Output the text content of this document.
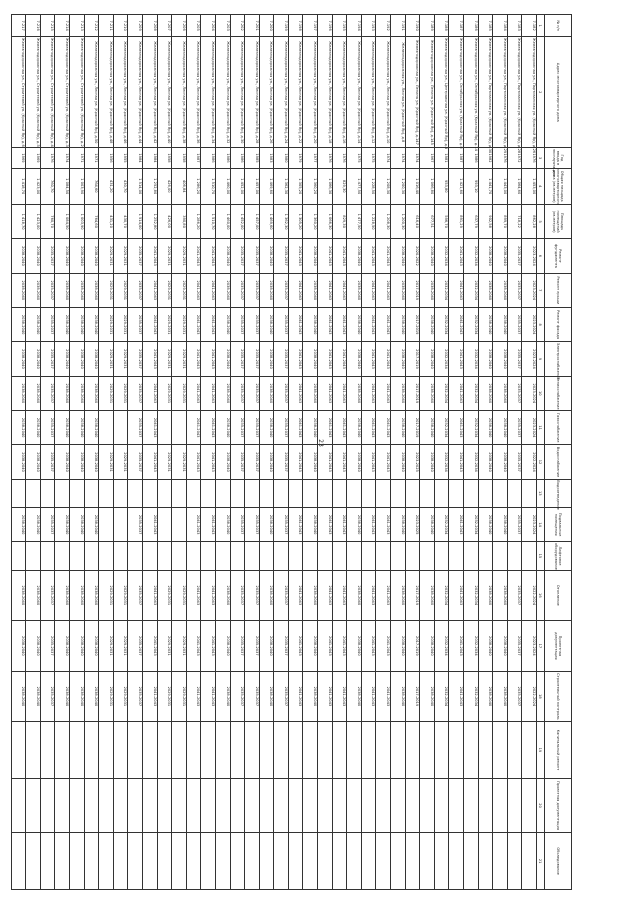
23
№ п/п	Адрес многоквартирного дома	Год ввода в эксплуатацию	Общая площадь многоквартирного дома (кв.метров)	Площадь помещений (кв.метров)	Ремонт фундамента	Ремонт крыши	Ремонт фасада	Электроснабжение	Теплоснабжение	Газоснабжение	Водоснабжение	Водоотведение	Подвальные помещения	Лифтовое оборудование	Отопление	Проектная документация	Строительный контроль	Капитальный ремонт	Проектная документация	Обследование
1	2	3	4	5	6	7	8	9	10	11	12	13	14	15	16	17	18	19	20	21
7.182	Железнодорожная ул., Партизанская ул. (Красный Яр), д.26	1976	1 453,00	862,28	2023-2024	2023-2024	2023-2024	2023-2024	2023-2024	2023-2024	2022-2024		2023-2024		2022-2024	2023-2024	2022-2024			
7.183	Железнодорожная ул., Партизанская ул. (Красный Яр), д.28	1972	1 064,60	718,22	2035-2037	2035-2037	2035-2037	2035-2037	2035-2037	2035-2037	2035-2037		2035-2037		2035-2037	2035-2037	2035-2037			
7.184	Железнодорожная ул., Партизанская ул. (Красный Яр), д.29	1976	1 443,00	899,70	2038-2040	2038-2040	2038-2040	2038-2040	2038-2040	2038-2040	2038-2040		2038-2040		2038-2040	2038-2040	2038-2040			
7.185	Железнодорожная ул., Партизанская ул. (Красный Яр), д.30	1982	1 441,70	902,58	2038-2040	2038-2040	2038-2040	2038-2040	2038-2040	2038-2040	2038-2040		2038-2040		2038-2040	2038-2040	2038-2040			
7.186	Железнодорожная ул., Октябрьская ул. (Красный Яр), д.14	1986	993,10	637,79	2032-2034	2032-2034	2032-2034	2032-2034	2032-2034	2032-2034	2032-2034		2032-2034		2032-2034	2032-2034	2032-2034			
7.187	Железнодорожная ул., Октябрьская ул. (Красный Яр), д.8	1987	1 421,60	891,29	2041-2043	2041-2043	2041-2043	2041-2043	2041-2043	2041-2043	2041-2043		2041-2043		2041-2043	2041-2043	2041-2043			
7.188	Железнодорожная ул., Центральная ул. (Красный Яр), д.9	1981	953,80	596,70	2032-2034	2032-2034	2032-2034	2032-2034	2032-2034	2032-2034	2032-2034		2032-2034		2032-2034	2032-2034	2032-2034			
7.189	Железнодорожная ул., Ленина ул. (Красный Яр), д.145	1967	1 066,80	677,51	2038-2040	2038-2040	2038-2040	2038-2040	2038-2040	2038-2040	2038-2040		2038-2040		2038-2040	2038-2040	2038-2040			
7.190	Железнодорожная ул., Ленина ул. (Красный Яр), д.147	1974	1 016,40	616,40	2020-2022	2017-2019	2017-2019	2017-2019	2017-2019	2017-2019	2023-2025		2023-2025		2017-2019	2017-2019	2017-2019			
7.191	Железнодорожная ул., Лесная ул. (Красный Яр), д.8	1974	1 200,30	1 200,30	2038-2040	2038-2040	2038-2040	2038-2040	2038-2040	2038-2040	2038-2040		2038-2040		2038-2040	2038-2040	2038-2040			
7.192	Железнодорожная ул., Лесная ул. (Красный Яр), д.10	1974	1 208,30	1 208,30	2041-2043	2041-2043	2041-2043	2041-2043	2041-2043	2041-2043	2041-2043		2041-2043		2041-2043	2041-2043	2041-2043			
7.193	Железнодорожная ул., Лесная ул. (Красный Яр), д.12	1975	1 228,50	1 228,50	2041-2043	2041-2043	2041-2043	2041-2043	2041-2043	2041-2043	2041-2043		2041-2043		2041-2043	2041-2043	2041-2043			
7.194	Железнодорожная ул., Лесная ул. (Красный Яр), д.14	1975	1 477,50	1 477,50	2038-2040	2038-2040	2038-2040	2038-2040	2038-2040	2038-2040	2038-2040		2038-2040		2038-2040	2038-2040	2038-2040			
7.195	Железнодорожная ул., Лесная ул. (Красный Яр), д.16	1976	829,30	829,30	2041-2043	2041-2043	2041-2043	2041-2043	2041-2043	2041-2043	2041-2043		2041-2043		2041-2043	2041-2043	2041-2043			
7.196	Железнодорожная ул., Лесная ул. (Красный Яр), д.18	1976	1 066,30	1 066,30	2041-2043	2041-2043	2041-2043	2041-2043	2041-2043	2041-2043	2041-2043		2041-2043		2041-2043	2041-2043	2041-2043			
7.197	Железнодорожная ул., Лесная ул. (Красный Яр), д.20	1977	1 360,20	1 360,20	2038-2040	2038-2040	2038-2040	2038-2040	2038-2040	2038-2040	2038-2040		2038-2040		2038-2040	2038-2040	2038-2040			
7.198	Железнодорожная ул., Лесная ул. (Красный Яр), д.22	1979	1 305,20	1 305,20	2041-2043	2041-2043	2041-2043	2041-2043	2041-2043	2041-2043	2041-2043		2041-2043		2041-2043	2041-2043	2041-2043			
7.199	Железнодорожная ул., Лесная ул. (Красный Яр), д.24	1980	1 362,30	1 362,30	2035-2037	2035-2037	2035-2037	2035-2037	2035-2037	2035-2037	2035-2037		2035-2037		2035-2037	2035-2037	2035-2037			
7.200	Железнодорожная ул., Лесная ул. (Красный Яр), д.26	1983	1 469,60	1 469,60	2038-2040	2038-2040	2038-2040	2038-2040	2038-2040	2038-2040	2038-2040		2038-2040		2038-2040	2038-2040	2038-2040			
7.201	Железнодорожная ул., Лесная ул. (Красный Яр), д.28	1985	1 457,00	1 457,00	2035-2037	2035-2037	2035-2037	2035-2037	2035-2037	2035-2037	2035-2037		2035-2037		2035-2037	2035-2037	2035-2037			
7.202	Железнодорожная ул., Лесная ул. (Красный Яр), д.30	1986	1 452,00	1 452,00	2035-2037	2035-2037	2035-2037	2035-2037	2035-2037	2035-2037	2035-2037		2035-2037		2035-2037	2035-2037	2035-2037			
7.203	Железнодорожная ул., Лесная ул. (Красный Яр), д.32	1986	1 460,00	1 460,00	2038-2040	2038-2040	2038-2040	2038-2040	2038-2040	2038-2040	2038-2040		2038-2040		2038-2040	2038-2040	2038-2040			
7.204	Железнодорожная ул., Лесная ул. (Красный Яр), д.34	1986	1 510,70	1 510,70	2041-2043	2041-2043	2041-2043	2041-2043	2041-2043	2041-2043	2041-2043		2041-2043		2041-2043	2041-2043	2041-2043			
7.205	Железнодорожная ул., Лесная ул. (Красный Яр), д.36	1987	1 286,20	1 286,20	2041-2043	2041-2043	2041-2043	2041-2043	2041-2043	2041-2043	2041-2043		2041-2043		2041-2043	2041-2043	2041-2043			
7.206	Железнодорожная ул., Лесная ул. (Красный Яр), д.38	1958	406,84	390,80	2029-2031	2029-2031	2029-2031	2029-2031	2029-2031		2029-2031				2029-2031	2029-2031	2029-2031			
7.207	Железнодорожная ул., Лесная ул. (Красный Яр), д.40	1958	426,00	426,00	2029-2031	2029-2031	2029-2031	2029-2031	2029-2031		2029-2031				2029-2031	2029-2031	2029-2031			
7.208	Железнодорожная ул., Лесная ул. (Красный Яр), д.42	1984	1 252,80	1 252,80	2041-2043	2041-2043	2041-2043	2041-2043	2041-2043	2041-2043	2041-2043		2041-2043		2041-2043	2041-2043	2041-2043			
7.209	Железнодорожная ул., Лесная ул. (Красный Яр), д.44	1984	1 514,00	1 514,00	2035-2037	2035-2037	2035-2037	2035-2037	2035-2037	2035-2037	2035-2037		2035-2037		2035-2037	2035-2037	2035-2037			
7.210	Железнодорожная ул., Лесная ул. (Красный Яр), д.46	1955	430,70	430,70	2029-2031	2029-2031	2029-2031	2029-2031	2029-2031		2029-2031				2029-2031	2029-2031	2029-2031			
7.211	Железнодорожная ул., Лесная ул. (Красный Яр), д.48	1956	431,20	431,20	2029-2031	2029-2031	2029-2031	2029-2031	2029-2031		2029-2031				2029-2031	2029-2031	2029-2031			
7.212	Железнодорожная ул., Лесная ул. (Красный Яр), д.50	1971	764,60	764,60	2038-2040	2038-2040	2038-2040	2038-2040	2038-2040	2038-2040	2038-2040		2038-2040		2038-2040	2038-2040	2038-2040			
7.213	Железнодорожная ул., Строителей ул. (Красный Яр), д.2	1971	1 003,90	1 003,90	2038-2040	2038-2040	2038-2040	2038-2040	2038-2040	2038-2040	2038-2040		2038-2040		2038-2040	2038-2040	2038-2040			
7.214	Железнодорожная ул., Строителей ул. (Красный Яр), д.3	1974	1 084,50	1 084,50	2038-2040	2038-2040	2038-2040	2038-2040	2038-2040	2038-2040	2038-2040		2038-2040		2038-2040	2038-2040	2038-2040			
7.215	Железнодорожная ул., Строителей ул. (Красный Яр), д.4	1976	760,70	760,70	2035-2037	2035-2037	2035-2037	2035-2037	2035-2037	2035-2037	2035-2037		2035-2037		2035-2037	2035-2037	2035-2037			
7.216	Железнодорожная ул., Строителей ул. (Красный Яр), д.5	1969	1 423,00	1 423,00	2038-2040	2038-2040	2038-2040	2038-2040	2038-2040	2038-2040	2038-2040		2038-2040		2038-2040	2038-2040	2038-2040			
7.217	Железнодорожная ул., Строителей ул. (Красный Яр), д.6	1969	1 418,70	1 418,70	2038-2040	2038-2040	2038-2040	2038-2040	2038-2040	2038-2040	2038-2040		2038-2040		2038-2040	2038-2040	2038-2040			
